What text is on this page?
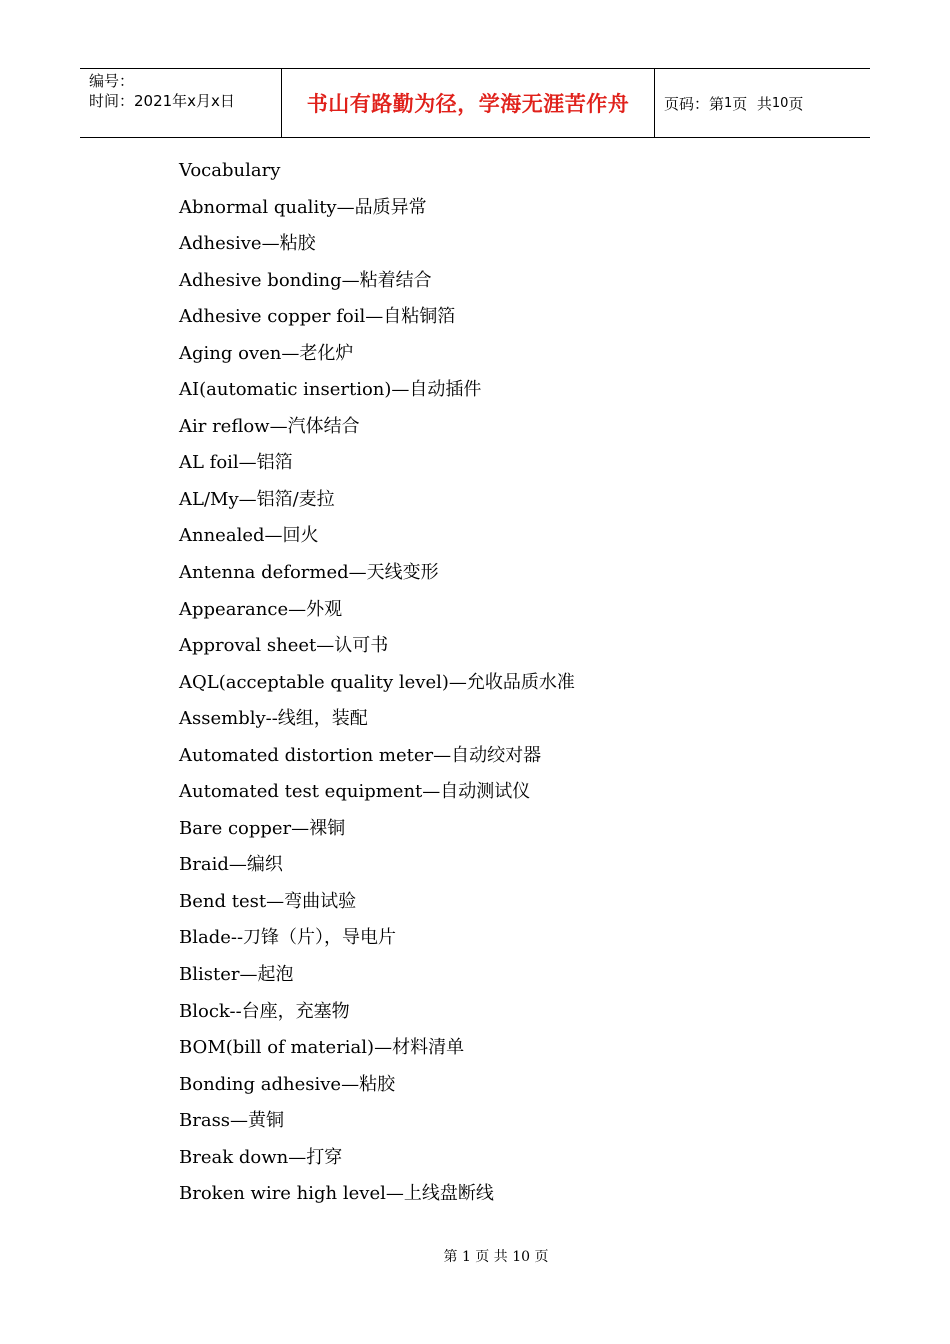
编号：
时间：2021年x月x日	书山有路勤为径，学海无涯苦作舟	页码：第 1 页  共 10 页
Vocabulary
Abnormal quality—品质异常
Adhesive—粘胶
Adhesive bonding—粘着结合
Adhesive copper foil—自粘铜箔
Aging oven—老化炉
AI(automatic insertion)—自动插件
Air reflow—汽体结合
AL foil—铝箔
AL/My—铝箔/麦拉
Annealed—回火
Antenna deformed—天线变形
Appearance—外观
Approval sheet—认可书
AQL(acceptable quality level)—允收品质水准
Assembly--线组，装配
Automated distortion meter—自动绞对器
Automated test equipment—自动测试仪
Bare copper—裸铜
Braid—编织
Bend test—弯曲试验
Blade--刀锋（片），导电片
Blister—起泡
Block--台座，充塞物
BOM(bill of material)—材料清单
Bonding adhesive—粘胶
Brass—黄铜
Break down—打穿
Broken wire high level—上线盘断线
第 1 页 共 10 页
